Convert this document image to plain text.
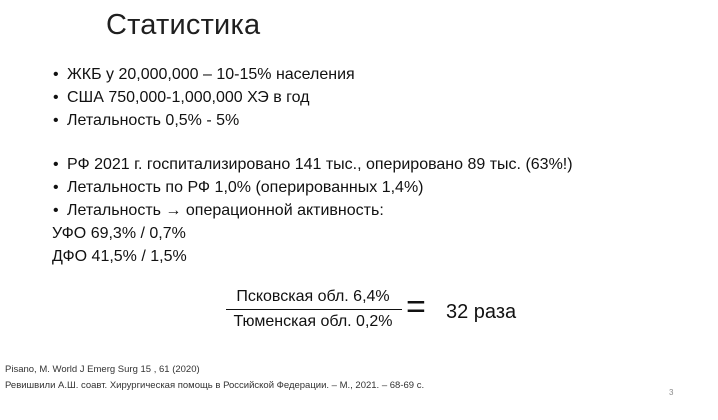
Статистика
• ЖКБ у 20,000,000 – 10-15% населения
• США 750,000-1,000,000 ХЭ в год
• Летальность 0,5% - 5%
• РФ 2021 г. госпитализировано 141 тыс., оперировано 89 тыс. (63%!)
• Летальность по РФ 1,0% (оперированных 1,4%)
• Летальность → операционной активность:
УФО 69,3% / 0,7%
ДФО 41,5% / 1,5%
Псковская обл. 6,4%
Тюменская обл. 0,2% = 32 раза
Pisano, M. World J Emerg Surg 15 , 61 (2020)
Ревишвили А.Ш. соавт. Хирургическая помощь в Российской Федерации. – М., 2021. – 68-69 с.
3
